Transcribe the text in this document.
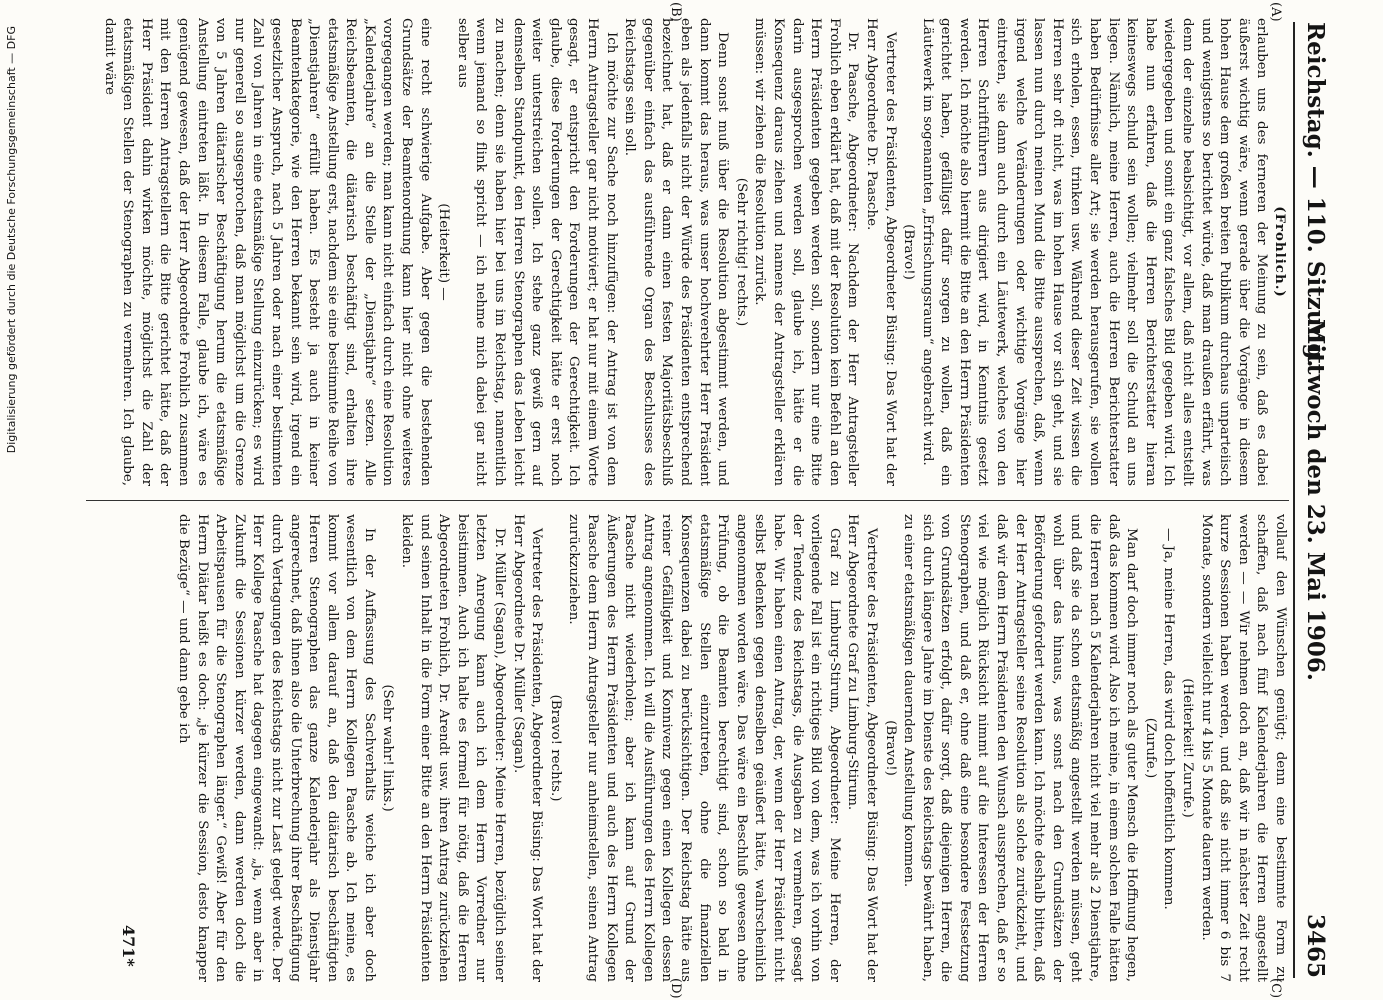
Reichstag. — 110. Sitzung.
Mittwoch den 23. Mai 1906.
3465
(A)
(B)
(C)
(D)

(Frohlich.)

erlauben uns des ferneren der Meinung zu sein, daß es dabei äußerst wichtig wäre, wenn gerade über die Vorgänge in diesem hohen Hause dem großen breiten Publikum durchaus unparteiisch und wenigstens so berichtet würde, daß man draußen erfährt, was denn der einzelne beabsichtigt, vor allem, daß nicht alles entstellt wiedergegeben und somit ein ganz falsches Bild gegeben wird. Ich habe nun erfahren, daß die Herren Berichterstatter hieran keineswegs schuld sein wollen; vielmehr soll die Schuld an uns liegen. Nämlich, meine Herren, auch die Herren Berichterstatter haben Bedürfnisse aller Art; sie werden herausgerufen, sie wollen sich erholen, essen, trinken usw. Während dieser Zeit wissen die Herren sehr oft nicht, was im hohen Hause vor sich geht, und sie lassen nun durch meinen Mund die Bitte aussprechen, daß, wenn irgend welche Veränderungen oder wichtige Vorgänge hier eintreten, sie dann auch durch ein Läutewerk, welches von den Herren Schriftführern aus dirigiert wird, in Kenntnis gesetzt werden. Ich möchte also hiermit die Bitte an den Herrn Präsidenten gerichtet haben, gefälligst dafür sorgen zu wollen, daß ein Läutewerk im sogenannten „Erfrischungsraum“ angebracht wird.

(Bravo!)

Vertreter des Präsidenten, Abgeordneter Büsing: Das Wort hat der Herr Abgeordnete Dr. Paasche.

Dr. Paasche, Abgeordneter: Nachdem der Herr Antragsteller Frohlich eben erklärt hat, daß mit der Resolution kein Befehl an den Herrn Präsidenten gegeben werden soll, sondern nur eine Bitte darin ausgesprochen werden soll, glaube ich, hätte er die Konsequenz daraus ziehen und namens der Antragsteller erklären müssen: wir ziehen die Resolution zurück.

(Sehr richtig! rechts.)

Denn sonst muß über die Resolution abgestimmt werden, und dann kommt das heraus, was unser hochverehrter Herr Präsident eben als jedenfalls nicht der Würde des Präsidenten entsprechend bezeichnet hat, daß er dann einen festen Majoritätsbeschluß gegenüber einfach das ausführende Organ des Beschlusses des Reichstags sein soll.

Ich möchte zur Sache noch hinzufügen: der Antrag ist von dem Herrn Antragsteller gar nicht motiviert; er hat nur mit einem Worte gesagt, er entspricht den Forderungen der Gerechtigkeit. Ich glaube, diese Forderungen der Gerechtigkeit hätte er erst noch weiter unterstreichen sollen. Ich stehe ganz gewiß gern auf demselben Standpunkt, den Herren Stenographen das Leben leicht zu machen; denn sie haben hier bei uns im Reichstag, namentlich wenn jemand so flink spricht — ich nehme mich dabei gar nicht selber aus

(Heiterkeit) —

eine recht schwierige Aufgabe. Aber gegen die bestehenden Grundsätze der Beamtenordnung kann hier nicht ohne weiteres vorgegangen werden; man kann nicht einfach durch eine Resolution „Kalenderjahre“ an die Stelle der „Dienstjahre“ setzen. Alle Reichsbeamten, die diätarisch beschäftigt sind, erhalten ihre etatsmäßige Anstellung erst, nachdem sie eine bestimmte Reihe von „Dienstjahren“ erfüllt haben. Es besteht ja auch in keiner Beamtenkategorie, wie den Herren bekannt sein wird, irgend ein gesetzlicher Anspruch, nach 5 Jahren oder nach einer bestimmten Zahl von Jahren in eine etatsmäßige Stellung einzurücken; es wird nur generell so ausgesprochen, daß man möglichst um die Grenze von 5 Jahren diätarischer Beschäftigung herum die etatsmäßige Anstellung eintreten läßt. In diesem Falle, glaube ich, wäre es genügend gewesen, daß der Herr Abgeordnete Frohlich zusammen mit den Herren Antragstellern die Bitte gerichtet hätte, daß der Herr Präsident dahin wirken möchte, möglichst die Zahl der etatsmäßigen Stellen der Stenographen zu vermehren. Ich glaube, damit wäre

vollauf den Wünschen genügt; denn eine bestimmte Form zu schaffen, daß nach fünf Kalenderjahren die Herren angestellt werden — — Wir nehmen doch an, daß wir in nächster Zeit recht kurze Sessionen haben werden, und daß sie nicht immer 6 bis 7 Monate, sondern vielleicht nur 4 bis 5 Monate dauern werden.

(Heiterkeit! Zurufe.)

— Ja, meine Herren, das wird doch hoffentlich kommen.

(Zurufe.)

Man darf doch immer noch als guter Mensch die Hoffnung hegen, daß das kommen wird. Also ich meine, in einem solchen Falle hätten die Herren nach 5 Kalenderjahren nicht viel mehr als 2 Dienstjahre, und daß sie da schon etatsmäßig angestellt werden müssen, geht wohl über das hinaus, was sonst nach den Grundsätzen der Beförderung gefordert werden kann. Ich möchte deshalb bitten, daß der Herr Antragsteller seine Resolution als solche zurückzieht, und daß wir dem Herrn Präsidenten den Wunsch aussprechen, daß er so viel wie möglich Rücksicht nimmt auf die Interessen der Herren Stenographen, und daß er, ohne daß eine besondere Festsetzung von Grundsätzen erfolgt, dafür sorgt, daß diejenigen Herren, die sich durch längere Jahre im Dienste des Reichstags bewährt haben, zu einer etatsmäßigen dauernden Anstellung kommen.

(Bravo!)

Vertreter des Präsidenten, Abgeordneter Büsing: Das Wort hat der Herr Abgeordnete Graf zu Limburg-Stirum.

Graf zu Limburg-Stirum, Abgeordneter: Meine Herren, der vorliegende Fall ist ein richtiges Bild von dem, was ich vorhin von der Tendenz des Reichstags, die Ausgaben zu vermehren, gesagt habe. Wir haben einen Antrag, der, wenn der Herr Präsident nicht selbst Bedenken gegen denselben geäußert hätte, wahrscheinlich angenommen worden wäre. Das wäre ein Beschluß gewesen ohne Prüfung, ob die Beamten berechtigt sind, schon so bald in etatsmäßige Stellen einzutreten, ohne die finanziellen Konsequenzen dabei zu berücksichtigen. Der Reichstag hätte aus reiner Gefälligkeit und Konnivenz gegen einen Kollegen dessen Antrag angenommen. Ich will die Ausführungen des Herrn Kollegen Paasche nicht wiederholen; aber ich kann auf Grund der Äußerungen des Herrn Präsidenten und auch des Herrn Kollegen Paasche dem Herrn Antragsteller nur anheimstellen, seinen Antrag zurückzuziehen.

(Bravo! rechts.)

Vertreter des Präsidenten, Abgeordneter Büsing: Das Wort hat der Herr Abgeordnete Dr. Müller (Sagan).

Dr. Müller (Sagan), Abgeordneter: Meine Herren, bezüglich seiner letzten Anregung kann auch ich dem Herrn Vorredner nur beistimmen. Auch ich halte es formell für nötig, daß die Herren Abgeordneten Frohlich, Dr. Arendt usw. ihren Antrag zurückziehen und seinen Inhalt in die Form einer Bitte an den Herrn Präsidenten kleiden.

(Sehr wahr! links.)

In der Auffassung des Sachverhalts weiche ich aber doch wesentlich von dem Herrn Kollegen Paasche ab. Ich meine, es kommt vor allem darauf an, daß den diätarisch beschäftigten Herren Stenographen das ganze Kalenderjahr als Dienstjahr angerechnet, daß ihnen also die Unterbrechung ihrer Beschäftigung durch Vertagungen des Reichstags nicht zur Last gelegt werde. Der Herr Kollege Paasche hat dagegen eingewandt: „ja, wenn aber in Zukunft die Sessionen kürzer werden, dann werden doch die Arbeitspausen für die Stenographen länger.“ Gewiß! Aber für den Herrn Diätar heißt es doch: „je kürzer die Session, desto knapper die Bezüge“ — und dann gebe ich

471*
Digitalisierung gefördert durch die Deutsche Forschungsgemeinschaft — DFG
